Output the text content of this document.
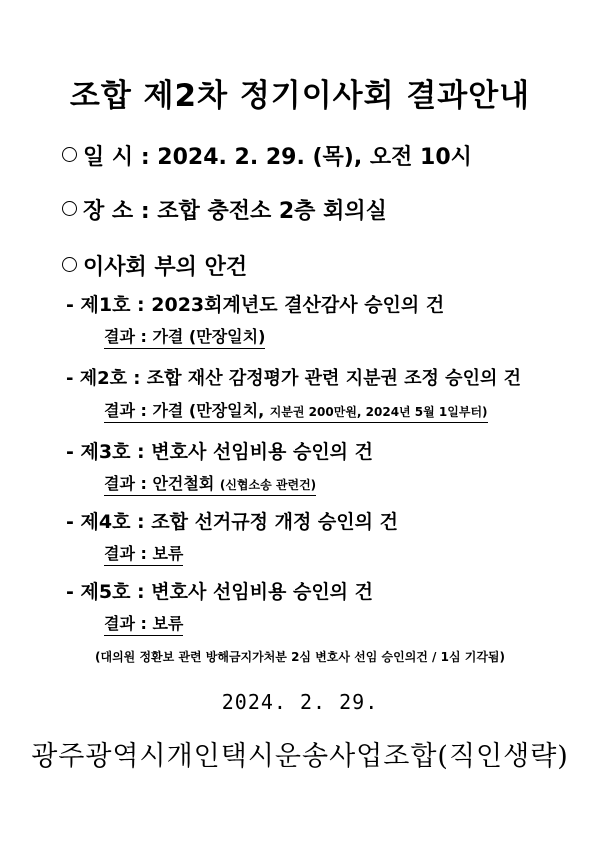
조합 제2차 정기이사회 결과안내
일 시 : 2024. 2. 29. (목), 오전 10시
장 소 : 조합 충전소 2층 회의실
이사회 부의 안건
- 제1호 : 2023회계년도 결산감사 승인의 건
결과 : 가결 (만장일치)
- 제2호 : 조합 재산 감정평가 관련 지분권 조정 승인의 건
결과 : 가결 (만장일치, 지분권 200만원, 2024년 5월 1일부터)
- 제3호 : 변호사 선임비용 승인의 건
결과 : 안건철회 (신협소송 관련건)
- 제4호 : 조합 선거규정 개정 승인의 건
결과 : 보류
- 제5호 : 변호사 선임비용 승인의 건
결과 : 보류
(대의원 정환보 관련 방해금지가처분 2심 변호사 선임 승인의건 / 1심 기각됨)
2024. 2. 29.
광주광역시개인택시운송사업조합(직인생략)
